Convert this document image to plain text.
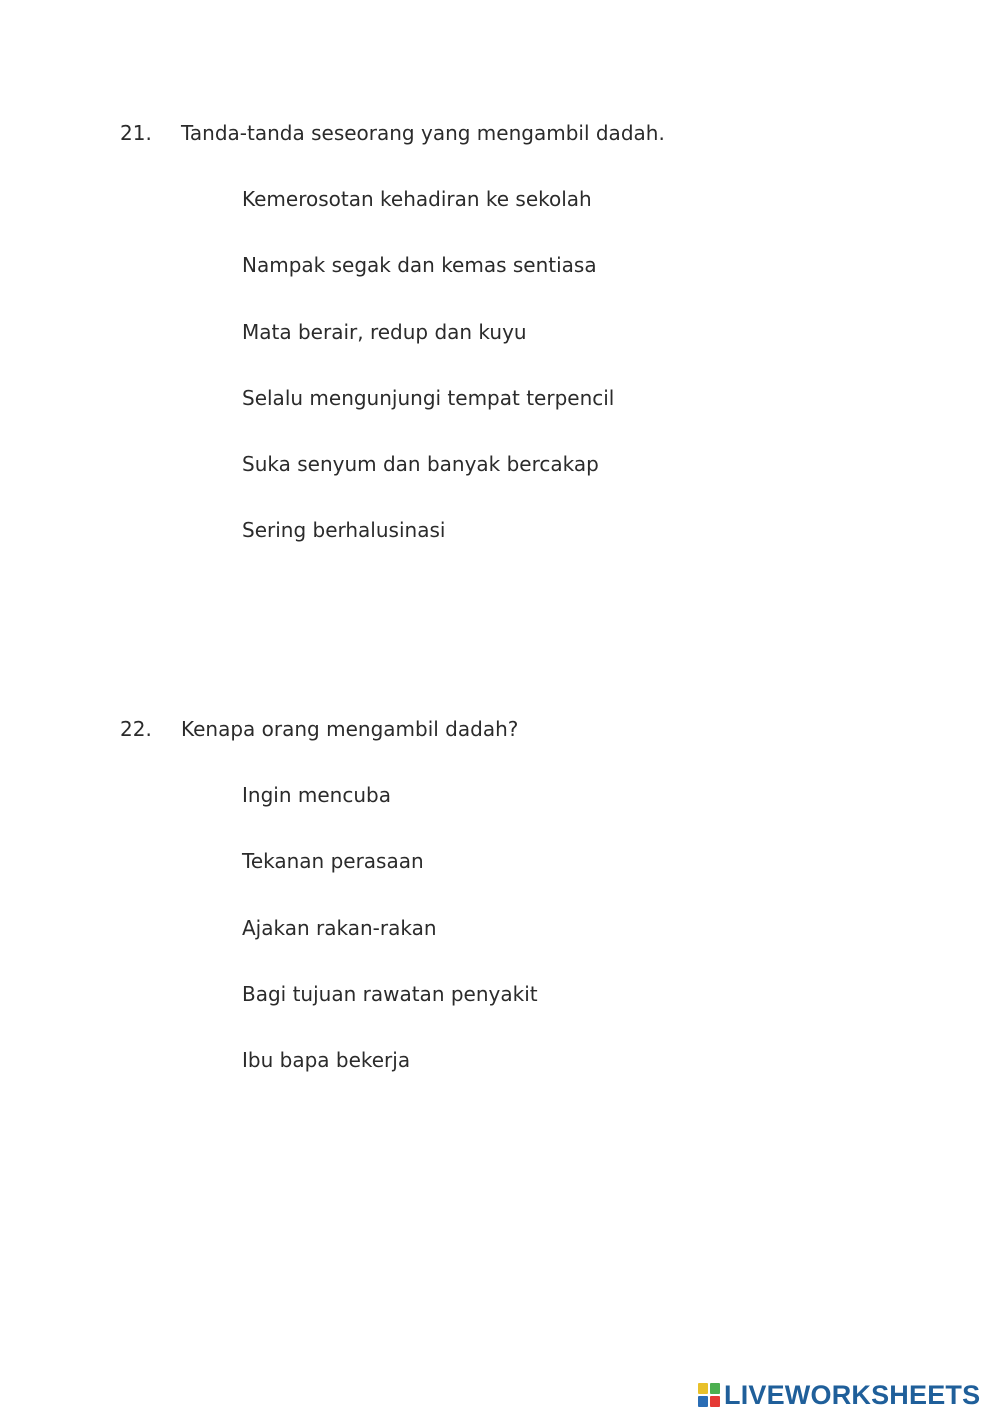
21. Tanda-tanda seseorang yang mengambil dadah.
Kemerosotan kehadiran ke sekolah
Nampak segak dan kemas sentiasa
Mata berair, redup dan kuyu
Selalu mengunjungi tempat terpencil
Suka senyum dan banyak bercakap
Sering berhalusinasi
22. Kenapa orang mengambil dadah?
Ingin mencuba
Tekanan perasaan
Ajakan rakan-rakan
Bagi tujuan rawatan penyakit
Ibu bapa bekerja
LIVEWORKSHEETS
